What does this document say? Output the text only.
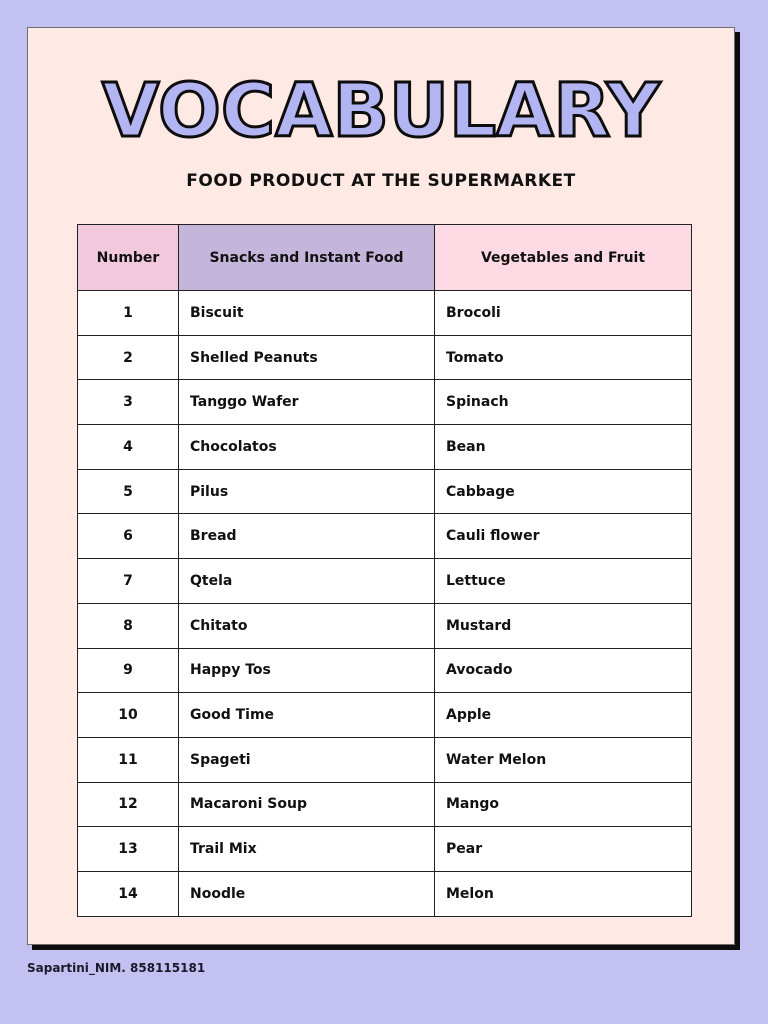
VOCABULARY
FOOD PRODUCT AT THE SUPERMARKET
Number	Snacks and Instant Food	Vegetables and Fruit
1	Biscuit	Brocoli
2	Shelled Peanuts	Tomato
3	Tanggo Wafer	Spinach
4	Chocolatos	Bean
5	Pilus	Cabbage
6	Bread	Cauli flower
7	Qtela	Lettuce
8	Chitato	Mustard
9	Happy Tos	Avocado
10	Good Time	Apple
11	Spageti	Water Melon
12	Macaroni Soup	Mango
13	Trail Mix	Pear
14	Noodle	Melon
Sapartini_NIM. 858115181
